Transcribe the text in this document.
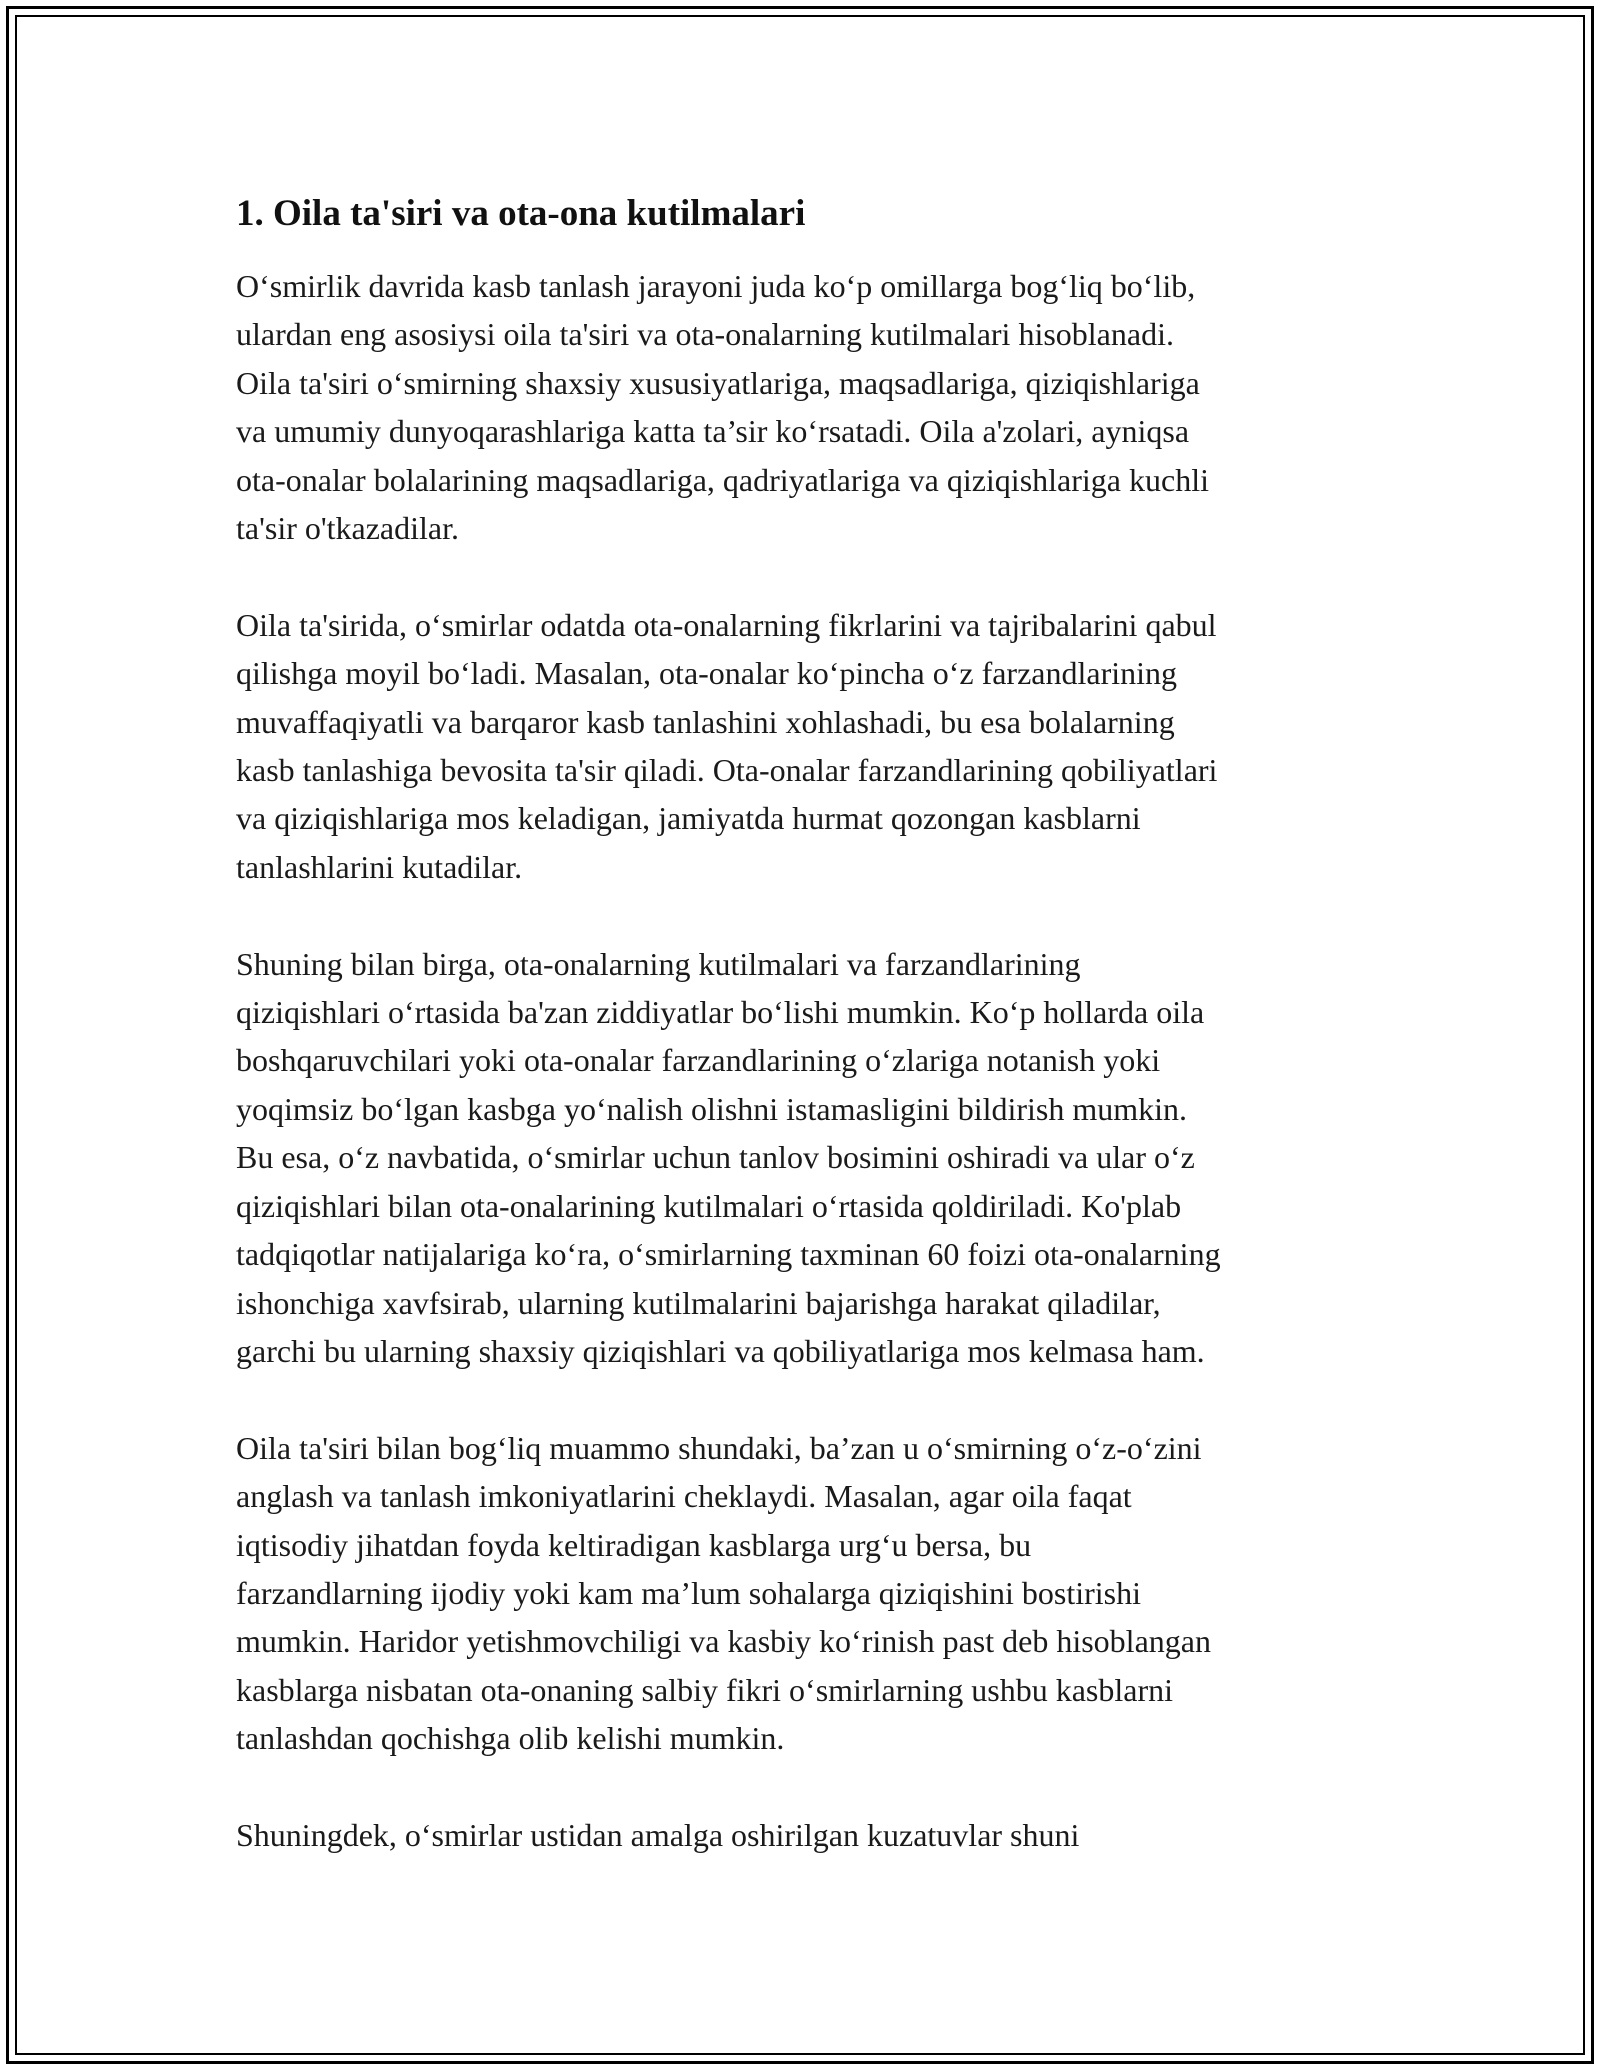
1. Oila ta'siri va ota-ona kutilmalari

O‘smirlik davrida kasb tanlash jarayoni juda ko‘p omillarga bog‘liq bo‘lib,
ulardan eng asosiysi oila ta'siri va ota-onalarning kutilmalari hisoblanadi.
Oila ta'siri o‘smirning shaxsiy xususiyatlariga, maqsadlariga, qiziqishlariga
va umumiy dunyoqarashlariga katta ta’sir ko‘rsatadi. Oila a'zolari, ayniqsa
ota-onalar bolalarining maqsadlariga, qadriyatlariga va qiziqishlariga kuchli
ta'sir o'tkazadilar.

Oila ta'sirida, o‘smirlar odatda ota-onalarning fikrlarini va tajribalarini qabul
qilishga moyil bo‘ladi. Masalan, ota-onalar ko‘pincha o‘z farzandlarining
muvaffaqiyatli va barqaror kasb tanlashini xohlashadi, bu esa bolalarning
kasb tanlashiga bevosita ta'sir qiladi. Ota-onalar farzandlarining qobiliyatlari
va qiziqishlariga mos keladigan, jamiyatda hurmat qozongan kasblarni
tanlashlarini kutadilar.

Shuning bilan birga, ota-onalarning kutilmalari va farzandlarining
qiziqishlari o‘rtasida ba'zan ziddiyatlar bo‘lishi mumkin. Ko‘p hollarda oila
boshqaruvchilari yoki ota-onalar farzandlarining o‘zlariga notanish yoki
yoqimsiz bo‘lgan kasbga yo‘nalish olishni istamasligini bildirish mumkin.
Bu esa, o‘z navbatida, o‘smirlar uchun tanlov bosimini oshiradi va ular o‘z
qiziqishlari bilan ota-onalarining kutilmalari o‘rtasida qoldiriladi. Ko'plab
tadqiqotlar natijalariga ko‘ra, o‘smirlarning taxminan 60 foizi ota-onalarning
ishonchiga xavfsirab, ularning kutilmalarini bajarishga harakat qiladilar,
garchi bu ularning shaxsiy qiziqishlari va qobiliyatlariga mos kelmasa ham.

Oila ta'siri bilan bog‘liq muammo shundaki, ba’zan u o‘smirning o‘z-o‘zini
anglash va tanlash imkoniyatlarini cheklaydi. Masalan, agar oila faqat
iqtisodiy jihatdan foyda keltiradigan kasblarga urg‘u bersa, bu
farzandlarning ijodiy yoki kam ma’lum sohalarga qiziqishini bostirishi
mumkin. Haridor yetishmovchiligi va kasbiy ko‘rinish past deb hisoblangan
kasblarga nisbatan ota-onaning salbiy fikri o‘smirlarning ushbu kasblarni
tanlashdan qochishga olib kelishi mumkin.

Shuningdek, o‘smirlar ustidan amalga oshirilgan kuzatuvlar shuni
